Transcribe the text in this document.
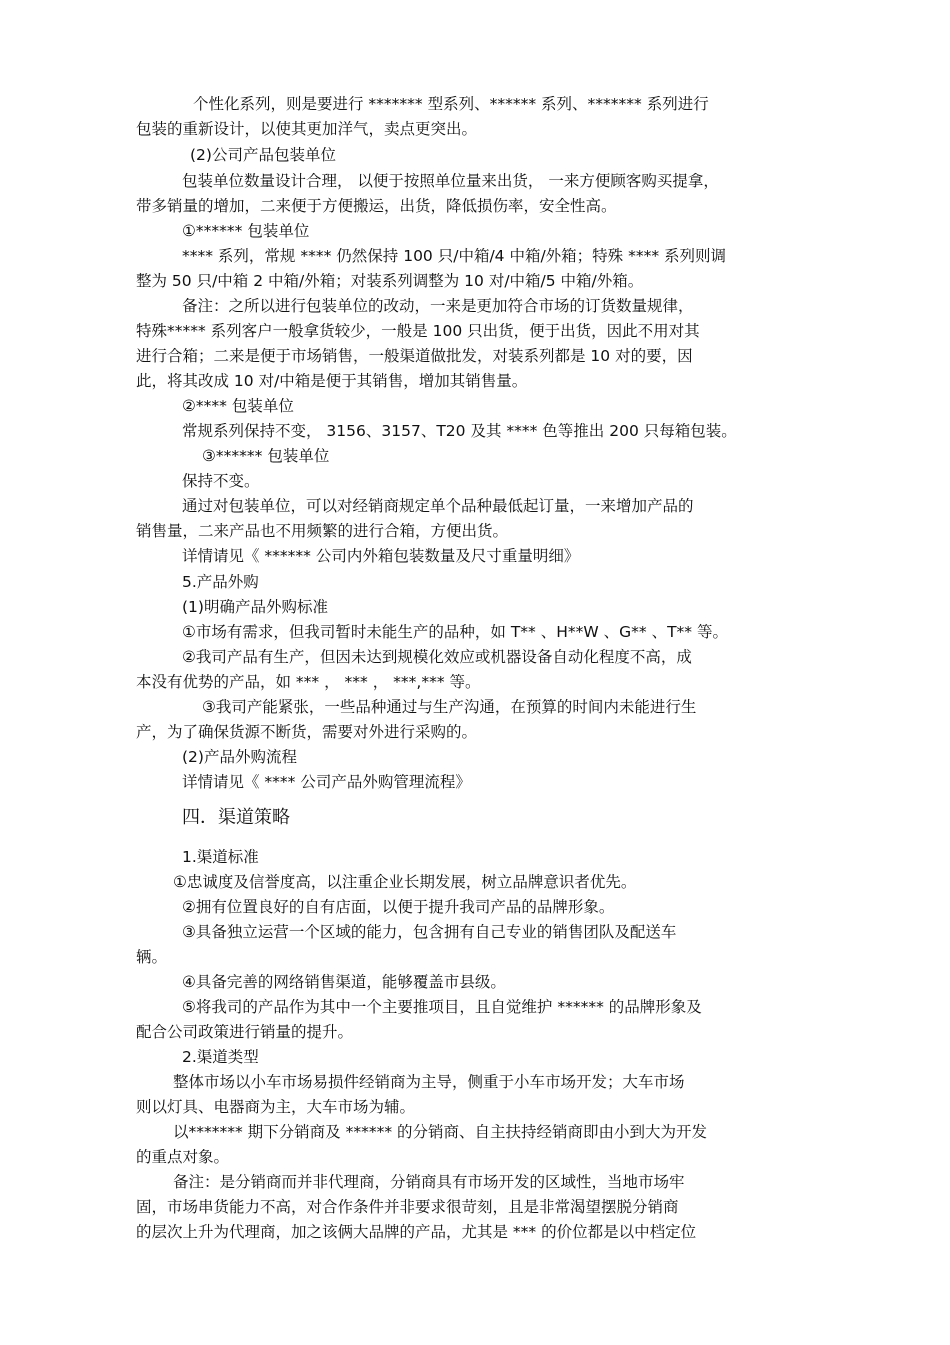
个性化系列，则是要进行 ******* 型系列、****** 系列、******* 系列进行
包装的重新设计，以使其更加洋气，卖点更突出。
(2)公司产品包装单位
包装单位数量设计合理， 以便于按照单位量来出货， 一来方便顾客购买提拿，
带多销量的增加，二来便于方便搬运，出货，降低损伤率，安全性高。
①****** 包装单位
**** 系列，常规 **** 仍然保持 100 只/中箱/4 中箱/外箱；特殊 **** 系列则调
整为 50 只/中箱 2 中箱/外箱；对装系列调整为 10 对/中箱/5 中箱/外箱。
备注：之所以进行包装单位的改动，一来是更加符合市场的订货数量规律，
特殊***** 系列客户一般拿货较少，一般是 100 只出货，便于出货，因此不用对其
进行合箱；二来是便于市场销售，一般渠道做批发，对装系列都是 10 对的要，因
此，将其改成 10 对/中箱是便于其销售，增加其销售量。
②**** 包装单位
常规系列保持不变， 3156、3157、T20 及其 **** 色等推出 200 只每箱包装。
③****** 包装单位
保持不变。
通过对包装单位，可以对经销商规定单个品种最低起订量，一来增加产品的
销售量，二来产品也不用频繁的进行合箱，方便出货。
详情请见《 ****** 公司内外箱包装数量及尺寸重量明细》
5.产品外购
(1)明确产品外购标准
①市场有需求，但我司暂时未能生产的品种，如 T** 、H**W 、G** 、T** 等。
②我司产品有生产，但因未达到规模化效应或机器设备自动化程度不高，成
本没有优势的产品，如 *** ， *** ， ***,*** 等。
③我司产能紧张，一些品种通过与生产沟通，在预算的时间内未能进行生
产，为了确保货源不断货，需要对外进行采购的。
(2)产品外购流程
详情请见《 **** 公司产品外购管理流程》
四．渠道策略
1.渠道标准
①忠诚度及信誉度高，以注重企业长期发展，树立品牌意识者优先。
②拥有位置良好的自有店面，以便于提升我司产品的品牌形象。
③具备独立运营一个区域的能力，包含拥有自己专业的销售团队及配送车
辆。
④具备完善的网络销售渠道，能够覆盖市县级。
⑤将我司的产品作为其中一个主要推项目，且自觉维护 ****** 的品牌形象及
配合公司政策进行销量的提升。
2.渠道类型
整体市场以小车市场易损件经销商为主导，侧重于小车市场开发；大车市场
则以灯具、电器商为主，大车市场为辅。
以******* 期下分销商及 ****** 的分销商、自主扶持经销商即由小到大为开发
的重点对象。
备注：是分销商而并非代理商，分销商具有市场开发的区域性，当地市场牢
固，市场串货能力不高，对合作条件并非要求很苛刻，且是非常渴望摆脱分销商
的层次上升为代理商，加之该俩大品牌的产品，尤其是 *** 的价位都是以中档定位
